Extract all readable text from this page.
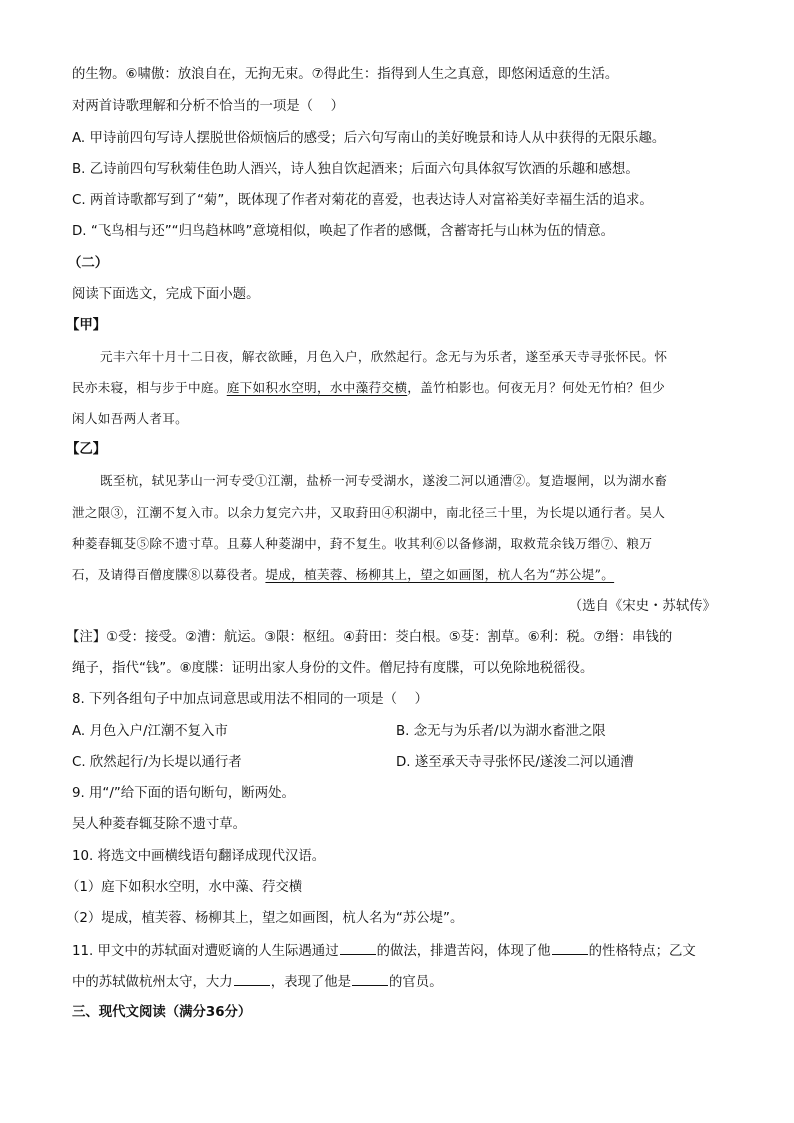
的生物。⑥啸傲：放浪自在，无拘无束。⑦得此生：指得到人生之真意，即悠闲适意的生活。
对两首诗歌理解和分析不恰当的一项是（　 ）
A. 甲诗前四句写诗人摆脱世俗烦恼后的感受；后六句写南山的美好晚景和诗人从中获得的无限乐趣。
B. 乙诗前四句写秋菊佳色助人酒兴，诗人独自饮起酒来；后面六句具体叙写饮酒的乐趣和感想。
C. 两首诗歌都写到了“菊”，既体现了作者对菊花的喜爱，也表达诗人对富裕美好幸福生活的追求。
D. “飞鸟相与还”“归鸟趋林鸣”意境相似，唤起了作者的感慨，含蓄寄托与山林为伍的情意。
（二）
阅读下面选文，完成下面小题。
【甲】
元丰六年十月十二日夜，解衣欲睡，月色入户，欣然起行。念无与为乐者，遂至承天寺寻张怀民。怀
民亦未寝，相与步于中庭。庭下如积水空明，水中藻荇交横，盖竹柏影也。何夜无月？何处无竹柏？但少
闲人如吾两人者耳。
【乙】
既至杭，轼见茅山一河专受①江潮，盐桥一河专受湖水，遂浚二河以通漕②。复造堰闸，以为湖水畜
泄之限③，江潮不复入市。以余力复完六井，又取葑田④积湖中，南北径三十里，为长堤以通行者。吴人
种菱春辄芟⑤除不遗寸草。且募人种菱湖中，葑不复生。收其利⑥以备修湖，取救荒余钱万缗⑦、粮万
石，及请得百僧度牒⑧以募役者。堤成，植芙蓉、杨柳其上，望之如画图，杭人名为“苏公堤”。
（选自《宋史・苏轼传》
【注】①受：接受。②漕：航运。③限：枢纽。④葑田：茭白根。⑤芟：割草。⑥利：税。⑦缗：串钱的
绳子，指代“钱”。⑧度牒：证明出家人身份的文件。僧尼持有度牒，可以免除地税徭役。
8. 下列各组句子中加点词意思或用法不相同的一项是（　 ）
A. 月色入户/江潮不复入市	B. 念无与为乐者/以为湖水畜泄之限
C. 欣然起行/为长堤以通行者	D. 遂至承天寺寻张怀民/遂浚二河以通漕
9. 用“/”给下面的语句断句，断两处。
吴人种菱春辄芟除不遗寸草。
10. 将选文中画横线语句翻译成现代汉语。
（1）庭下如积水空明，水中藻、荇交横
（2）堤成，植芙蓉、杨柳其上，望之如画图，杭人名为“苏公堤”。
11. 甲文中的苏轼面对遭贬谪的人生际遇通过	的做法，排遣苦闷，体现了他	的性格特点；乙文
中的苏轼做杭州太守，大力	，表现了他是	的官员。
三、现代文阅读（满分36分）
